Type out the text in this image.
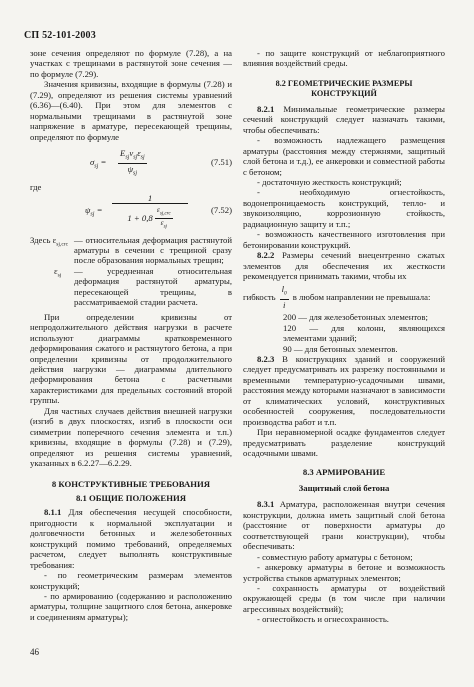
СП 52-101-2003

зоне сечения определяют по формуле (7.28), а на участках с трещинами в растянутой зоне сечения — по формуле (7.29).

Значения кривизны, входящие в формулы (7.28) и (7.29), определяют из решения системы уравнений (6.36)—(6.40). При этом для элементов с нормальными трещинами в растянутой зоне напряжение в арматуре, пересекающей трещины, определяют по формуле

$\sigma_{sj}$ =
$E_{sj}\nu_{sj}\varepsilon_{sj}$
$\psi_{sj}$
(7.51)

где

$\psi_{sj}$ =
1
$1 + 0,8 \frac{\varepsilon_{sj,crc}}{\varepsilon_{sj}}$	(7.52)
Здесь $\varepsilon_{sj,crc}$ — относительная деформация растянутой арматуры в сечении с трещиной сразу после образования нормальных трещин;
$\varepsilon_{sj}$	— усредненная относительная деформация растянутой арматуры, пересекающей трещины, в рассматриваемой стадии расчета.

При определении кривизны от непродолжительного действия нагрузки в расчете используют диаграммы кратковременного деформирования сжатого и растянутого бетона, а при определении кривизны от продолжительного действия нагрузки — диаграммы длительного деформирования бетона с расчетными характеристиками для предельных состояний второй группы.

Для частных случаев действия внешней нагрузки (изгиб в двух плоскостях, изгиб в плоскости оси симметрии поперечного сечения элемента и т.п.) кривизны, входящие в формулы (7.28) и (7.29), определяют из решения системы уравнений, указанных в 6.2.27—6.2.29.

8 КОНСТРУКТИВНЫЕ ТРЕБОВАНИЯ

8.1 ОБЩИЕ ПОЛОЖЕНИЯ

8.1.1 Для обеспечения несущей способности, пригодности к нормальной эксплуатации и долговечности бетонных и железобетонных конструкций помимо требований, определяемых расчетом, следует выполнять конструктивные требования:

- по геометрическим размерам элементов конструкций;

- по армированию (содержанию и расположению арматуры, толщине защитного слоя бетона, анкеровке и соединениям арматуры);

- по защите конструкций от неблагоприятного влияния воздействий среды.

8.2 ГЕОМЕТРИЧЕСКИЕ РАЗМЕРЫ КОНСТРУКЦИЙ

8.2.1 Минимальные геометрические размеры сечений конструкций следует назначать такими, чтобы обеспечивать:

- возможность надлежащего размещения арматуры (расстояния между стержнями, защитный слой бетона и т.д.), ее анкеровки и совместной работы с бетоном;

- достаточную жесткость конструкций;

- необходимую огнестойкость, водонепроницаемость конструкций, тепло- и звукоизоляцию, коррозионную стойкость, радиационную защиту и т.п.;

- возможность качественного изготовления при бетонировании конструкций.

8.2.2 Размеры сечений внецентренно сжатых элементов для обеспечения их жесткости рекомендуется принимать такими, чтобы их

гибкость $\frac{l_0}{i}$ в любом направлении не превышала:

200 — для железобетонных элементов;

120 — для колонн, являющихся элементами зданий;

90 — для бетонных элементов.

8.2.3 В конструкциях зданий и сооружений следует предусматривать их разрезку постоянными и временными температурно-усадочными швами, расстояния между которыми назначают в зависимости от климатических условий, конструктивных особенностей сооружения, последовательности производства работ и т.п.

При неравномерной осадке фундаментов следует предусматривать разделение конструкций осадочными швами.

8.3 АРМИРОВАНИЕ

Защитный слой бетона

8.3.1 Арматура, расположенная внутри сечения конструкции, должна иметь защитный слой бетона (расстояние от поверхности арматуры до соответствующей грани конструкции), чтобы обеспечивать:

- совместную работу арматуры с бетоном;

- анкеровку арматуры в бетоне и возможность устройства стыков арматурных элементов;

- сохранность арматуры от воздействий окружающей среды (в том числе при наличии агрессивных воздействий);

- огнестойкость и огнесохранность.

46
